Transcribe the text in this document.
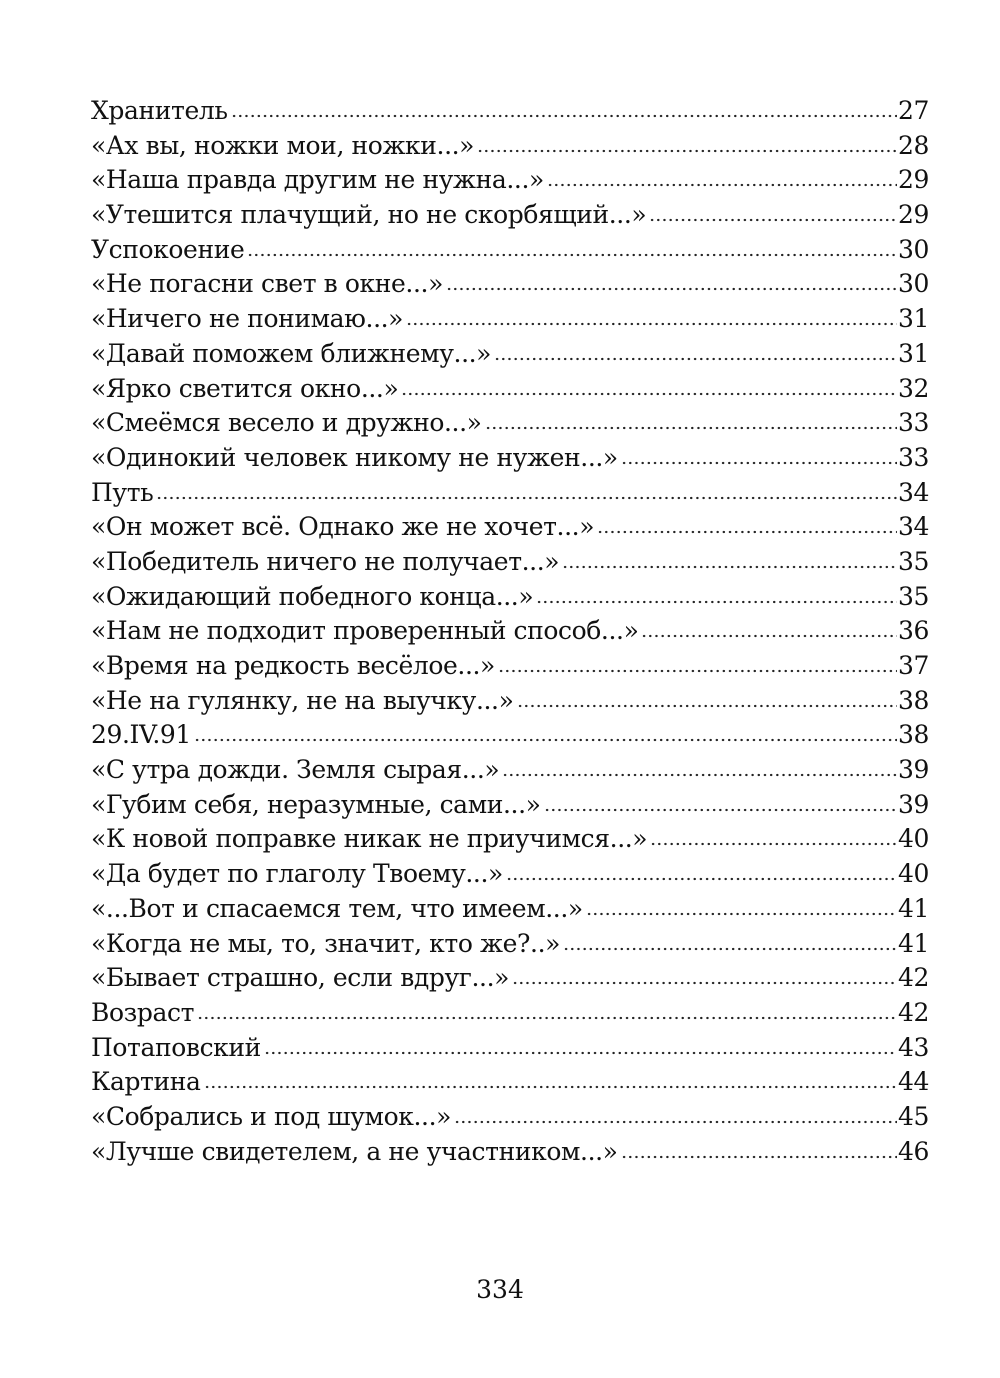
Хранитель	27
«Ах вы, ножки мои, ножки...»	28
«Наша правда другим не нужна...»	29
«Утешится плачущий, но не скорбящий...»	29
Успокоение	30
«Не погасни свет в окне...»	30
«Ничего не понимаю...»	31
«Давай поможем ближнему...»	31
«Ярко светится окно...»	32
«Смеёмся весело и дружно...»	33
«Одинокий человек никому не нужен...»	33
Путь	34
«Он может всё. Однако же не хочет...»	34
«Победитель ничего не получает...»	35
«Ожидающий победного конца...»	35
«Нам не подходит проверенный способ...»	36
«Время на редкость весёлое...»	37
«Не на гулянку, не на выучку...»	38
29.IV.91	38
«С утра дожди. Земля сырая...»	39
«Губим себя, неразумные, сами...»	39
«К новой поправке никак не приучимся...»	40
«Да будет по глаголу Твоему...»	40
«...Вот и спасаемся тем, что имеем...»	41
«Когда не мы, то, значит, кто же?..»	41
«Бывает страшно, если вдруг...»	42
Возраст	42
Потаповский	43
Картина	44
«Собрались и под шумок...»	45
«Лучше свидетелем, а не участником...»	46
334
